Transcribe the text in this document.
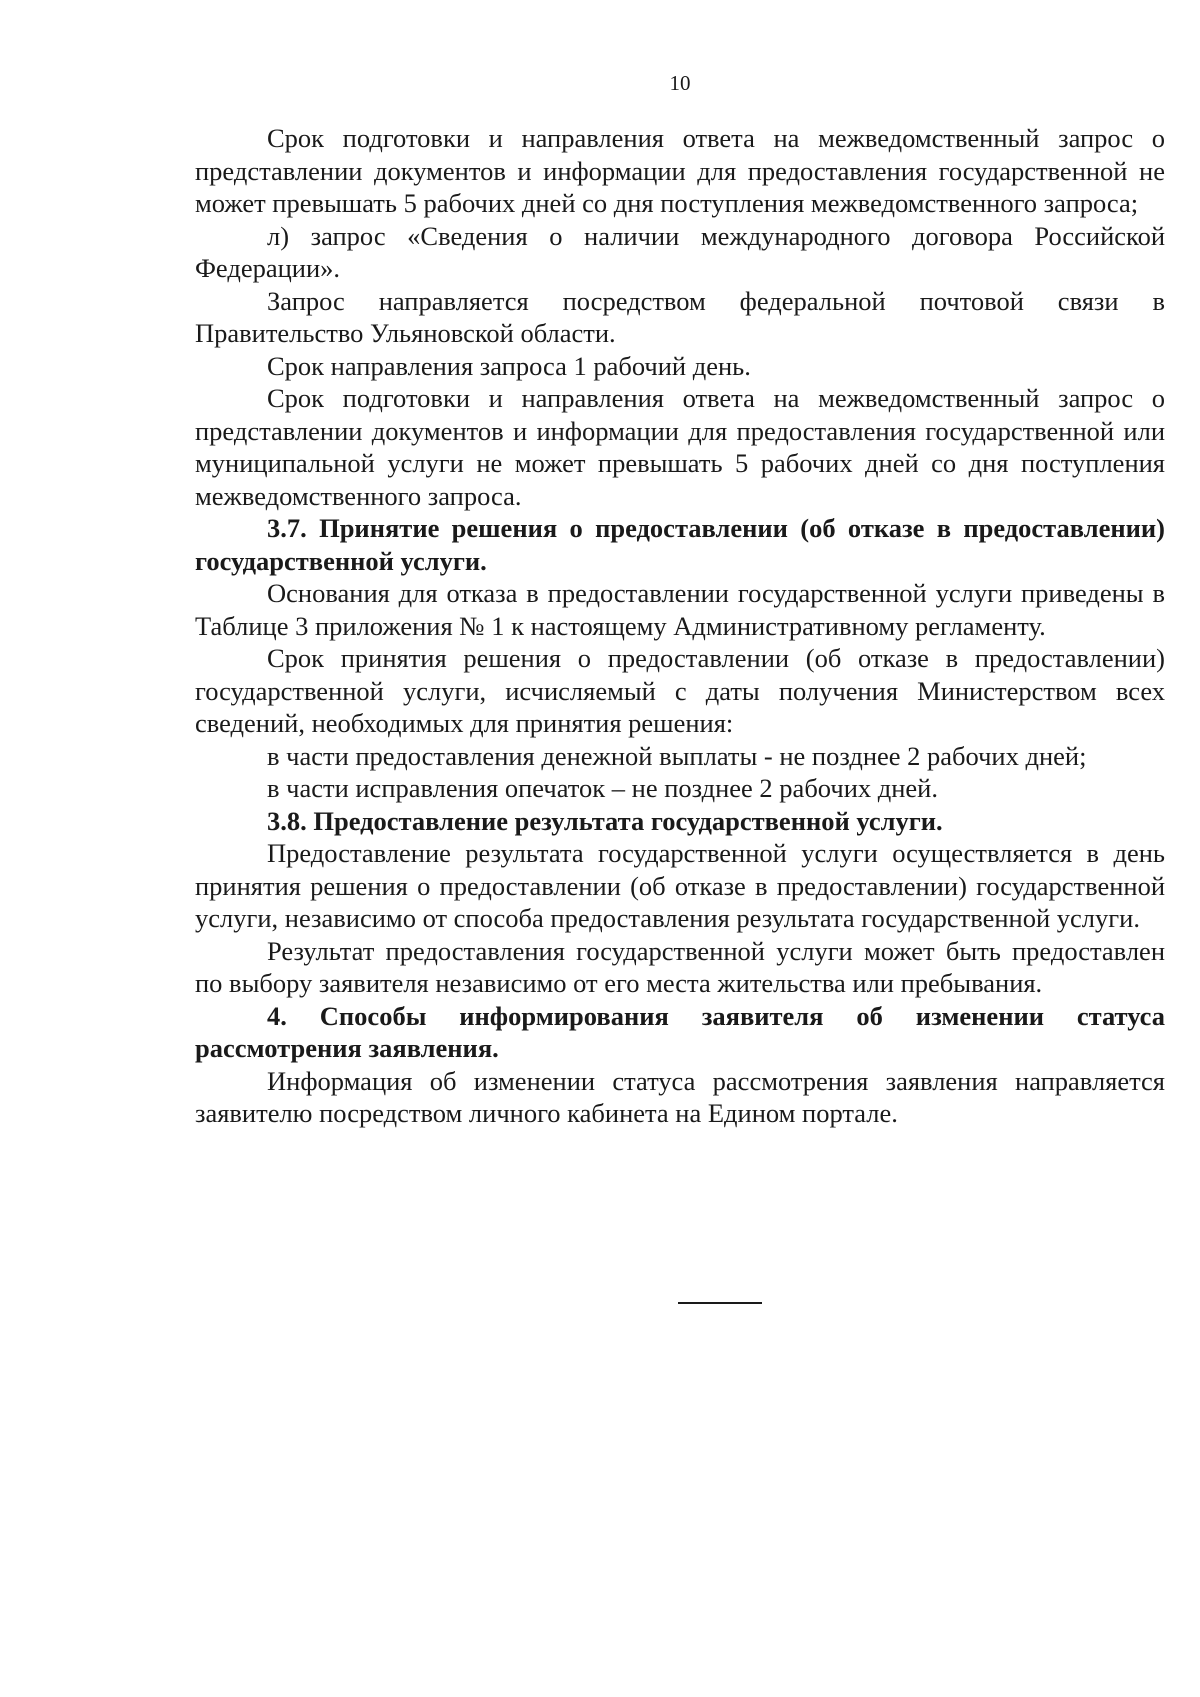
10

Срок подготовки и направления ответа на межведомственный запрос о представлении документов и информации для предоставления государственной не может превышать 5 рабочих дней со дня поступления межведомственного запроса;

л) запрос «Сведения о наличии международного договора Российской Федерации».

Запрос направляется посредством федеральной почтовой связи в Правительство Ульяновской области.

Срок направления запроса 1 рабочий день.

Срок подготовки и направления ответа на межведомственный запрос о представлении документов и информации для предоставления государственной или муниципальной услуги не может превышать 5 рабочих дней со дня поступления межведомственного запроса.

3.7. Принятие решения о предоставлении (об отказе в предоставлении) государственной услуги.

Основания для отказа в предоставлении государственной услуги приведены в Таблице 3 приложения № 1 к настоящему Административному регламенту.

Срок принятия решения о предоставлении (об отказе в предоставлении) государственной услуги, исчисляемый с даты получения Министерством всех сведений, необходимых для принятия решения:

в части предоставления денежной выплаты - не позднее 2 рабочих дней;

в части исправления опечаток – не позднее 2 рабочих дней.

3.8. Предоставление результата государственной услуги.

Предоставление результата государственной услуги осуществляется в день принятия решения о предоставлении (об отказе в предоставлении) государственной услуги, независимо от способа предоставления результата государственной услуги.

Результат предоставления государственной услуги может быть предоставлен по выбору заявителя независимо от его места жительства или пребывания.

4. Способы информирования заявителя об изменении статуса рассмотрения заявления.

Информация об изменении статуса рассмотрения заявления направляется заявителю посредством личного кабинета на Едином портале.
